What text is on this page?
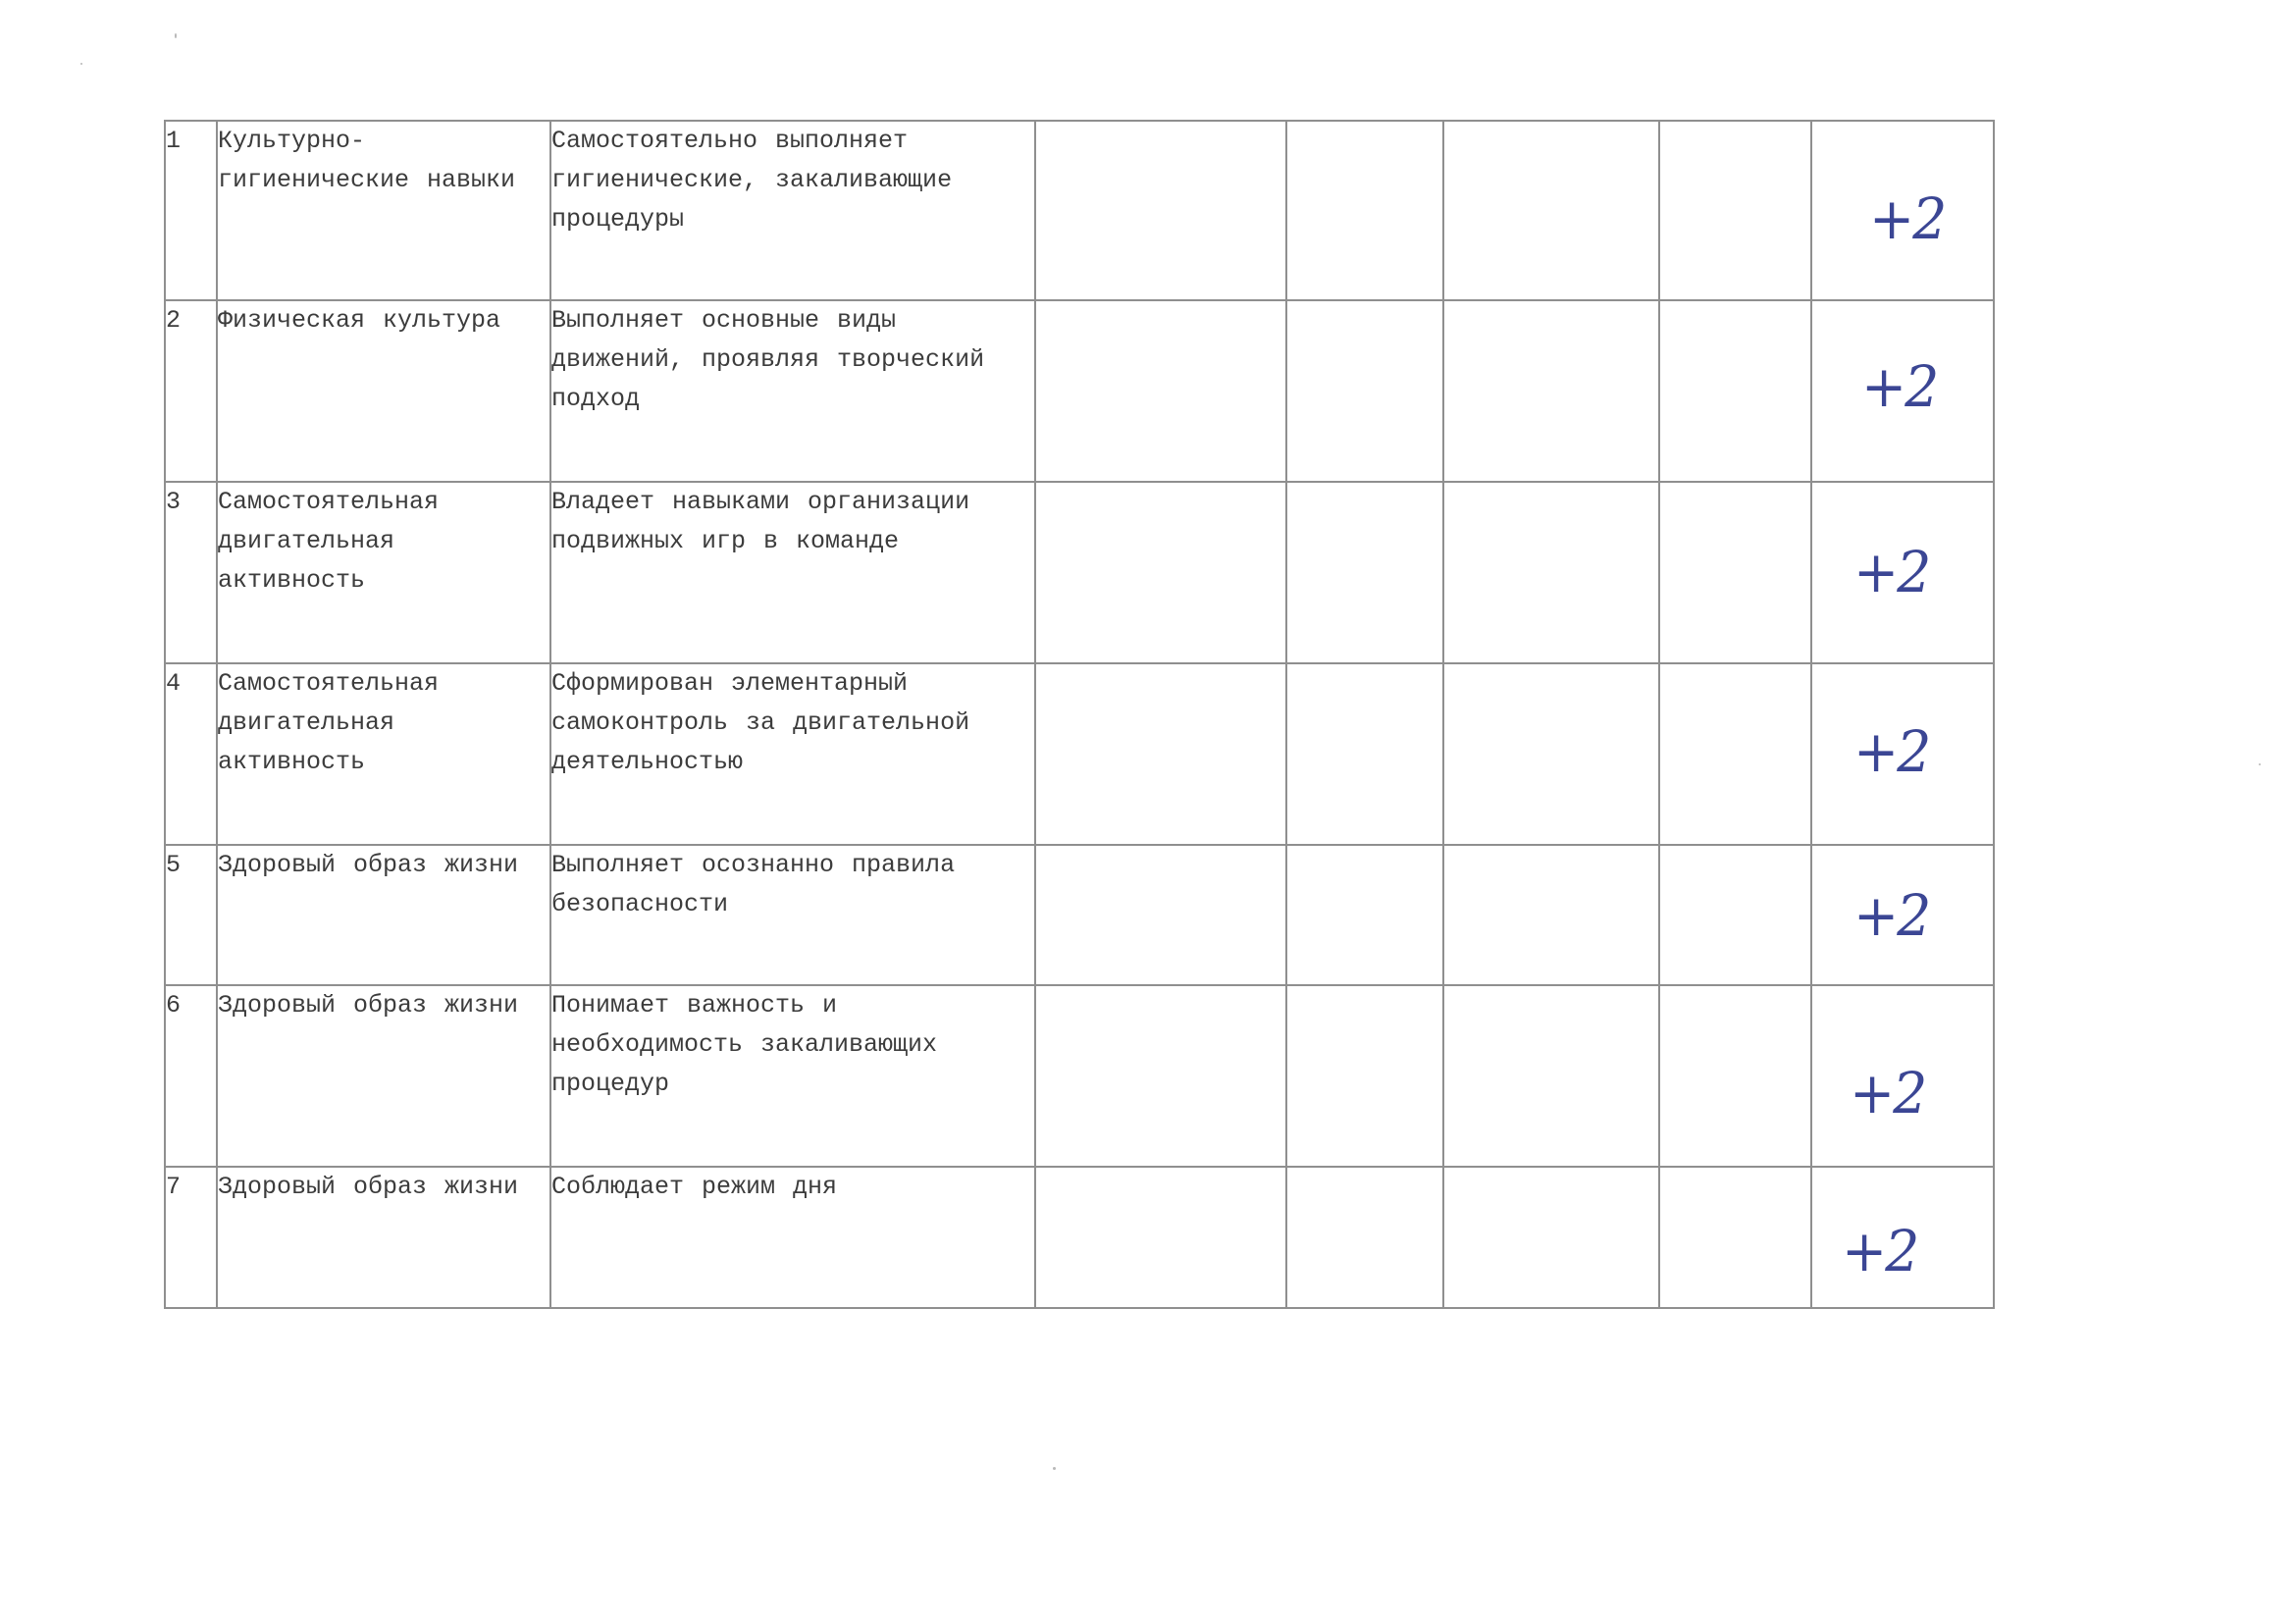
1	Культурно-гигиенические навыки	Самостоятельно выполняет гигиенические, закаливающие процедуры					+2

2	Физическая культура	Выполняет основные виды движений, проявляя творческий подход					+2

3	Самостоятельная двигательная активность	Владеет навыками организации подвижных игр в команде					+2

4	Самостоятельная двигательная активность	Сформирован элементарный самоконтроль за двигательной деятельностью					+2

5	Здоровый образ жизни	Выполняет осознанно правила безопасности					+2

6	Здоровый образ жизни	Понимает важность и необходимость закаливающих процедур					+2

7	Здоровый образ жизни	Соблюдает режим дня					+2
